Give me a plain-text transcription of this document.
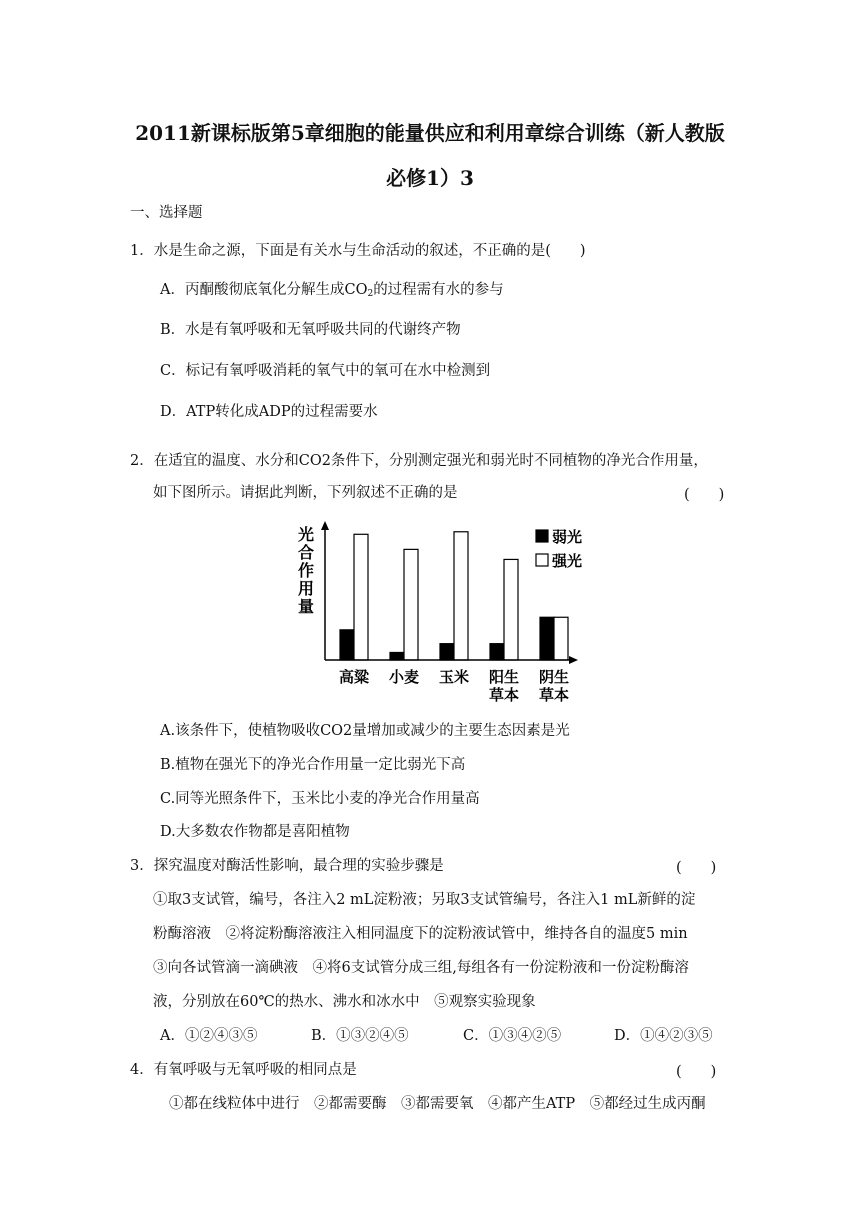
2011新课标版第5章细胞的能量供应和利用章综合训练（新人教版
必修1）3
一、选择题
1．水是生命之源，下面是有关水与生命活动的叙述，不正确的是(　　)
A．丙酮酸彻底氧化分解生成$CO_2$的过程需有水的参与
B．水是有氧呼吸和无氧呼吸共同的代谢终产物
C．标记有氧呼吸消耗的氧气中的氧可在水中检测到
D．ATP转化成ADP的过程需要水
2．在适宜的温度、水分和CO2条件下，分别测定强光和弱光时不同植物的净光合作用量，
如下图所示。请据此判断，下列叙述不正确的是	(　　)
光合作用量
高粱 小麦 玉米 阳生
草本
阴生
草本
弱光
强光
A.该条件下，使植物吸收CO2量增加或减少的主要生态因素是光
B.植物在强光下的净光合作用量一定比弱光下高
C.同等光照条件下，玉米比小麦的净光合作用量高
D.大多数农作物都是喜阳植物
3．探究温度对酶活性影响，最合理的实验步骤是	(　　)
①取3支试管，编号，各注入2 mL淀粉液；另取3支试管编号，各注入1 mL新鲜的淀
粉酶溶液　②将淀粉酶溶液注入相同温度下的淀粉液试管中，维持各自的温度5 min
③向各试管滴一滴碘液　④将6支试管分成三组,每组各有一份淀粉液和一份淀粉酶溶
液，分别放在60℃的热水、沸水和冰水中　⑤观察实验现象
A．①②④③⑤	B．①③②④⑤	C．①③④②⑤	D．①④②③⑤
4．有氧呼吸与无氧呼吸的相同点是	(　　)
①都在线粒体中进行　②都需要酶　③都需要氧　④都产生ATP　⑤都经过生成丙酮
